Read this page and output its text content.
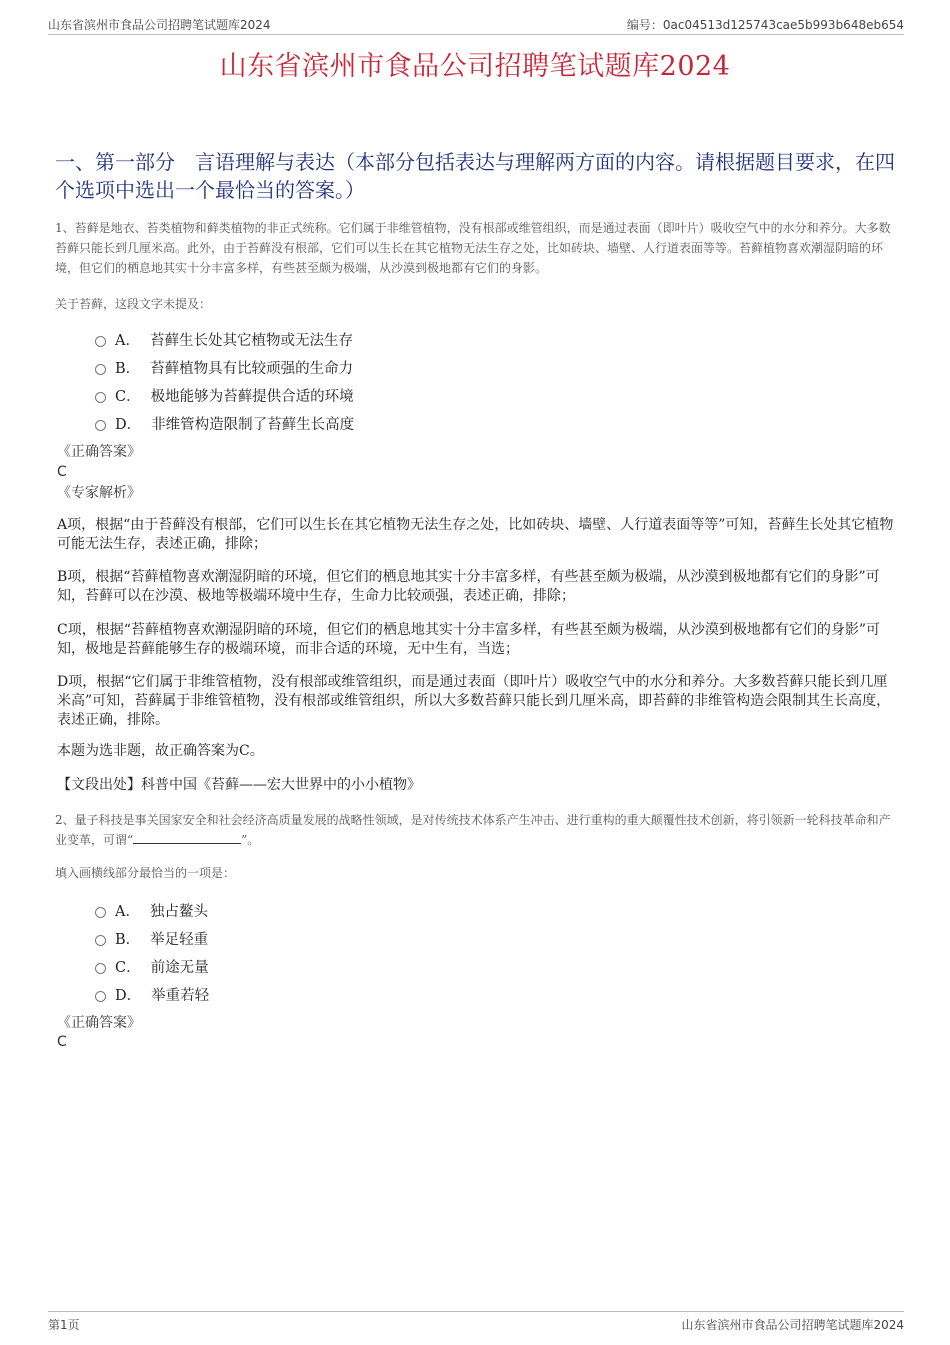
山东省滨州市食品公司招聘笔试题库2024	编号：0ac04513d125743cae5b993b648eb654
山东省滨州市食品公司招聘笔试题库2024
一、第一部分　言语理解与表达（本部分包括表达与理解两方面的内容。请根据题目要求，在四个选项中选出一个最恰当的答案。）
1、苔藓是地衣、苔类植物和藓类植物的非正式统称。它们属于非维管植物，没有根部或维管组织，而是通过表面（即叶片）吸收空气中的水分和养分。大多数苔藓只能长到几厘米高。此外，由于苔藓没有根部，它们可以生长在其它植物无法生存之处，比如砖块、墙壁、人行道表面等等。苔藓植物喜欢潮湿阴暗的环境，但它们的栖息地其实十分丰富多样，有些甚至颇为极端，从沙漠到极地都有它们的身影。
关于苔藓，这段文字未提及：
A． 苔藓生长处其它植物或无法生存
B． 苔藓植物具有比较顽强的生命力
C． 极地能够为苔藓提供合适的环境
D． 非维管构造限制了苔藓生长高度
《正确答案》
C
《专家解析》
A项，根据“由于苔藓没有根部，它们可以生长在其它植物无法生存之处，比如砖块、墙壁、人行道表面等等”可知，苔藓生长处其它植物可能无法生存，表述正确，排除；
B项，根据“苔藓植物喜欢潮湿阴暗的环境，但它们的栖息地其实十分丰富多样，有些甚至颇为极端，从沙漠到极地都有它们的身影”可知，苔藓可以在沙漠、极地等极端环境中生存，生命力比较顽强，表述正确，排除；
C项，根据“苔藓植物喜欢潮湿阴暗的环境，但它们的栖息地其实十分丰富多样，有些甚至颇为极端，从沙漠到极地都有它们的身影”可知，极地是苔藓能够生存的极端环境，而非合适的环境，无中生有，当选；
D项，根据“它们属于非维管植物，没有根部或维管组织，而是通过表面（即叶片）吸收空气中的水分和养分。大多数苔藓只能长到几厘米高”可知，苔藓属于非维管植物，没有根部或维管组织，所以大多数苔藓只能长到几厘米高，即苔藓的非维管构造会限制其生长高度，表述正确，排除。
本题为选非题，故正确答案为C。
【文段出处】科普中国《苔藓——宏大世界中的小小植物》
2、量子科技是事关国家安全和社会经济高质量发展的战略性领域，是对传统技术体系产生冲击、进行重构的重大颠覆性技术创新，将引领新一轮科技革命和产业变革，可谓“	”。
填入画横线部分最恰当的一项是：
A． 独占鳌头
B． 举足轻重
C． 前途无量
D． 举重若轻
《正确答案》
C
第1页	山东省滨州市食品公司招聘笔试题库2024
